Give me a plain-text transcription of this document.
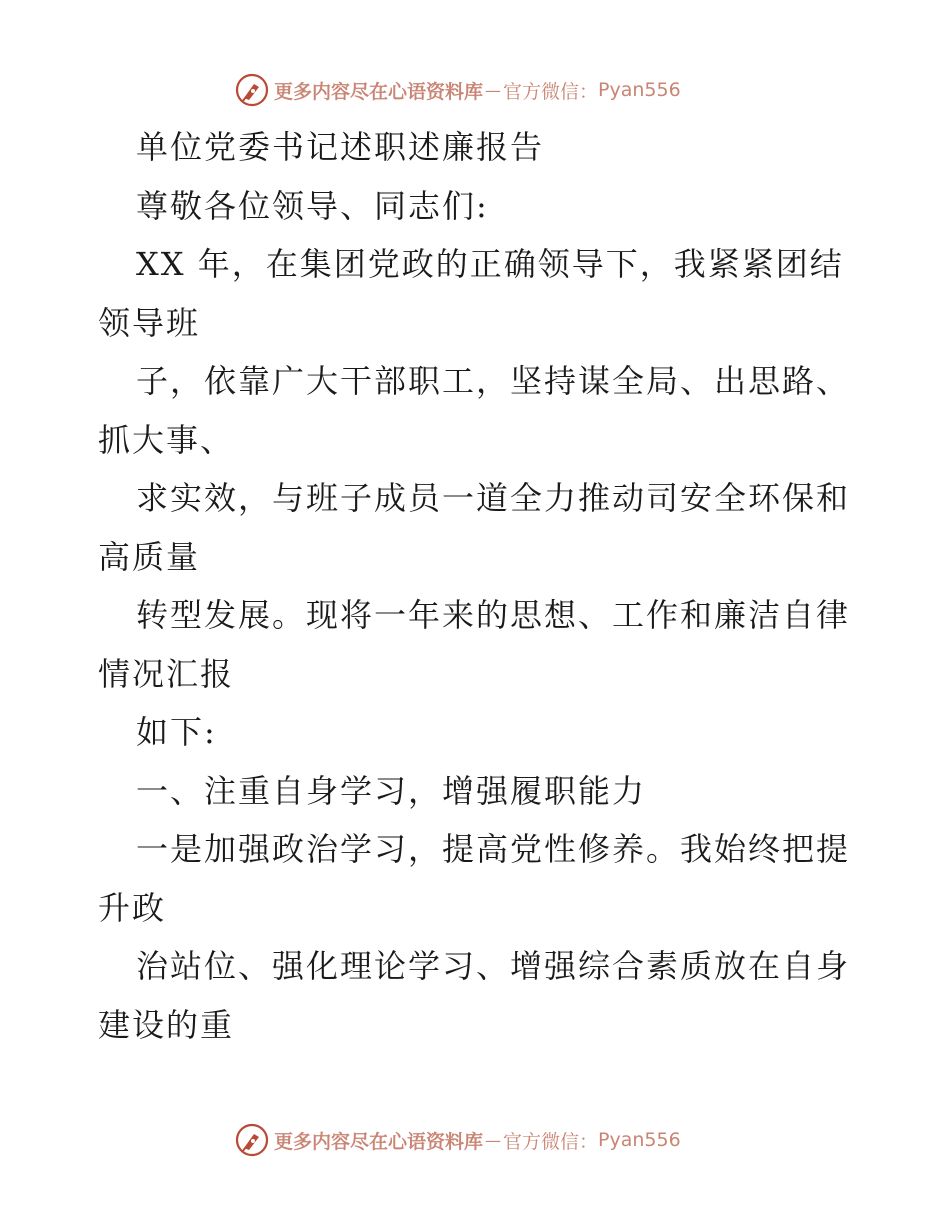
更多内容尽在心语资料库 — 官方微信： Pyan556
单位党委书记述职述廉报告
尊敬各位领导、同志们:
XX 年，在集团党政的正确领导下，我紧紧团结
领导班
子，依靠广大干部职工，坚持谋全局、出思路、
抓大事、
求实效，与班子成员一道全力推动司安全环保和
高质量
转型发展。现将一年来的思想、工作和廉洁自律
情况汇报
如下:
一、注重自身学习，增强履职能力
一是加强政治学习，提高党性修养。我始终把提
升政
治站位、强化理论学习、增强综合素质放在自身
建设的重
更多内容尽在心语资料库 — 官方微信： Pyan556
